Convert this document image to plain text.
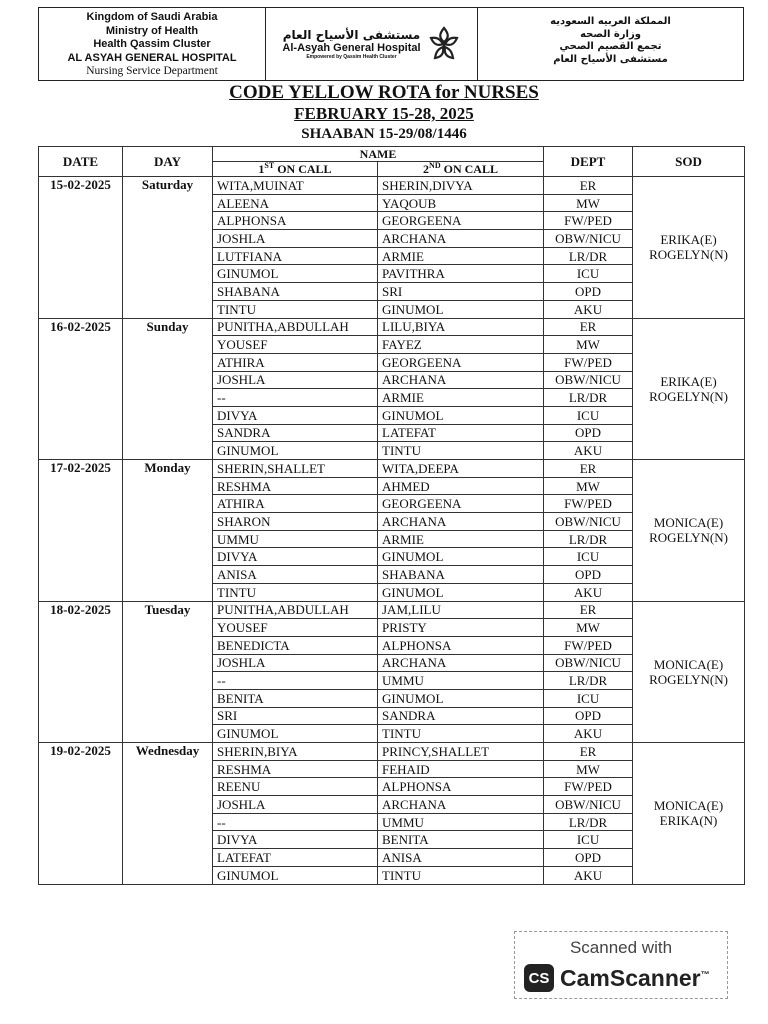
Kingdom of Saudi Arabia
Ministry of Health
Health Qassim Cluster
AL ASYAH GENERAL HOSPITAL
Nursing Service Department
مستشفى الأسياح العام
Al-Asyah General Hospital
Empowered by Qassim Health Cluster
المملكة العربيه السعوديه
وزارة الصحه
تجمع القصيم الصحي
مستشفى الأسياح العام
CODE YELLOW ROTA for NURSES
FEBRUARY 15-28, 2025
SHAABAN 15-29/08/1446
DATE	DAY	NAME		DEPT	SOD
		1ST ON CALL	2ND ON CALL		
15-02-2025	Saturday	WITA,MUINAT	SHERIN,DIVYA	ER	ERIKA(E)
ROGELYN(N)

		ALEENA	YAQOUB	MW	
		ALPHONSA	GEORGEENA	FW/PED	
		JOSHLA	ARCHANA	OBW/NICU	
		LUTFIANA	ARMIE	LR/DR	
		GINUMOL	PAVITHRA	ICU	
		SHABANA	SRI	OPD	
		TINTU	GINUMOL	AKU	
16-02-2025	Sunday	PUNITHA,ABDULLAH	LILU,BIYA	ER	ERIKA(E)
ROGELYN(N)

		YOUSEF	FAYEZ	MW	
		ATHIRA	GEORGEENA	FW/PED	
		JOSHLA	ARCHANA	OBW/NICU	
		--	ARMIE	LR/DR	
		DIVYA	GINUMOL	ICU	
		SANDRA	LATEFAT	OPD	
		GINUMOL	TINTU	AKU	
17-02-2025	Monday	SHERIN,SHALLET	WITA,DEEPA	ER	MONICA(E)
ROGELYN(N)

		RESHMA	AHMED	MW	
		ATHIRA	GEORGEENA	FW/PED	
		SHARON	ARCHANA	OBW/NICU	
		UMMU	ARMIE	LR/DR	
		DIVYA	GINUMOL	ICU	
		ANISA	SHABANA	OPD	
		TINTU	GINUMOL	AKU	
18-02-2025	Tuesday	PUNITHA,ABDULLAH	JAM,LILU	ER	MONICA(E)
ROGELYN(N)

		YOUSEF	PRISTY	MW	
		BENEDICTA	ALPHONSA	FW/PED	
		JOSHLA	ARCHANA	OBW/NICU	
		--	UMMU	LR/DR	
		BENITA	GINUMOL	ICU	
		SRI	SANDRA	OPD	
		GINUMOL	TINTU	AKU	
19-02-2025	Wednesday	SHERIN,BIYA	PRINCY,SHALLET	ER	MONICA(E)
ERIKA(N)

		RESHMA	FEHAID	MW	
		REENU	ALPHONSA	FW/PED	
		JOSHLA	ARCHANA	OBW/NICU	
		--	UMMU	LR/DR	
		DIVYA	BENITA	ICU	
		LATEFAT	ANISA	OPD	
		GINUMOL	TINTU	AKU	
Scanned with
CS CamScanner™
